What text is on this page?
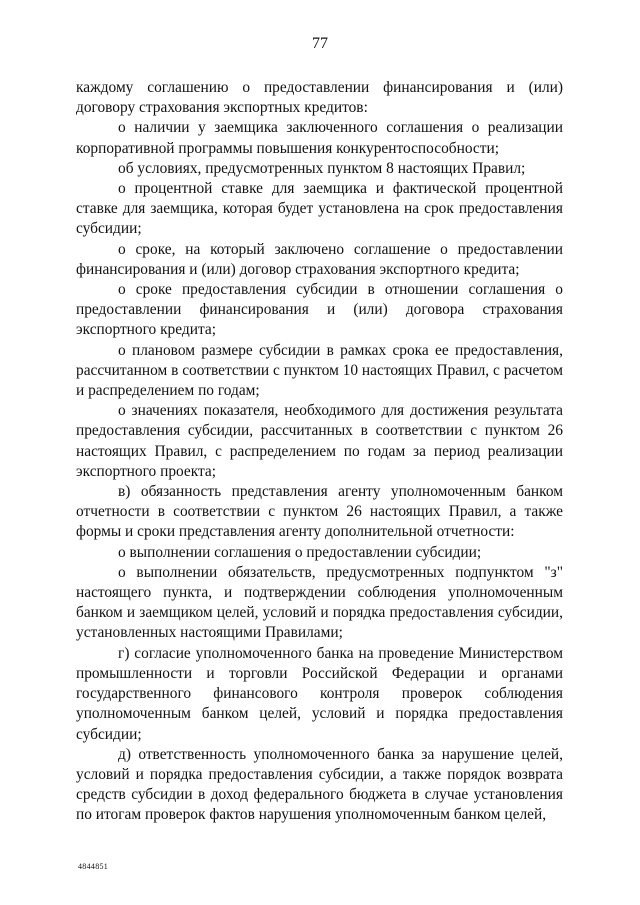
77

каждому соглашению о предоставлении финансирования и (или) договору страхования экспортных кредитов:

о наличии у заемщика заключенного соглашения о реализации корпоративной программы повышения конкурентоспособности;

об условиях, предусмотренных пунктом 8 настоящих Правил;

о процентной ставке для заемщика и фактической процентной ставке для заемщика, которая будет установлена на срок предоставления субсидии;

о сроке, на который заключено соглашение о предоставлении финансирования и (или) договор страхования экспортного кредита;

о сроке предоставления субсидии в отношении соглашения о предоставлении финансирования и (или) договора страхования экспортного кредита;

о плановом размере субсидии в рамках срока ее предоставления, рассчитанном в соответствии с пунктом 10 настоящих Правил, с расчетом и распределением по годам;

о значениях показателя, необходимого для достижения результата предоставления субсидии, рассчитанных в соответствии с пунктом 26 настоящих Правил, с распределением по годам за период реализации экспортного проекта;

в) обязанность представления агенту уполномоченным банком отчетности в соответствии с пунктом 26 настоящих Правил, а также формы и сроки представления агенту дополнительной отчетности:

о выполнении соглашения о предоставлении субсидии;

о выполнении обязательств, предусмотренных подпунктом "з" настоящего пункта, и подтверждении соблюдения уполномоченным банком и заемщиком целей, условий и порядка предоставления субсидии, установленных настоящими Правилами;

г) согласие уполномоченного банка на проведение Министерством промышленности и торговли Российской Федерации и органами государственного финансового контроля проверок соблюдения уполномоченным банком целей, условий и порядка предоставления субсидии;

д) ответственность уполномоченного банка за нарушение целей, условий и порядка предоставления субсидии, а также порядок возврата средств субсидии в доход федерального бюджета в случае установления по итогам проверок фактов нарушения уполномоченным банком целей,

4844851
